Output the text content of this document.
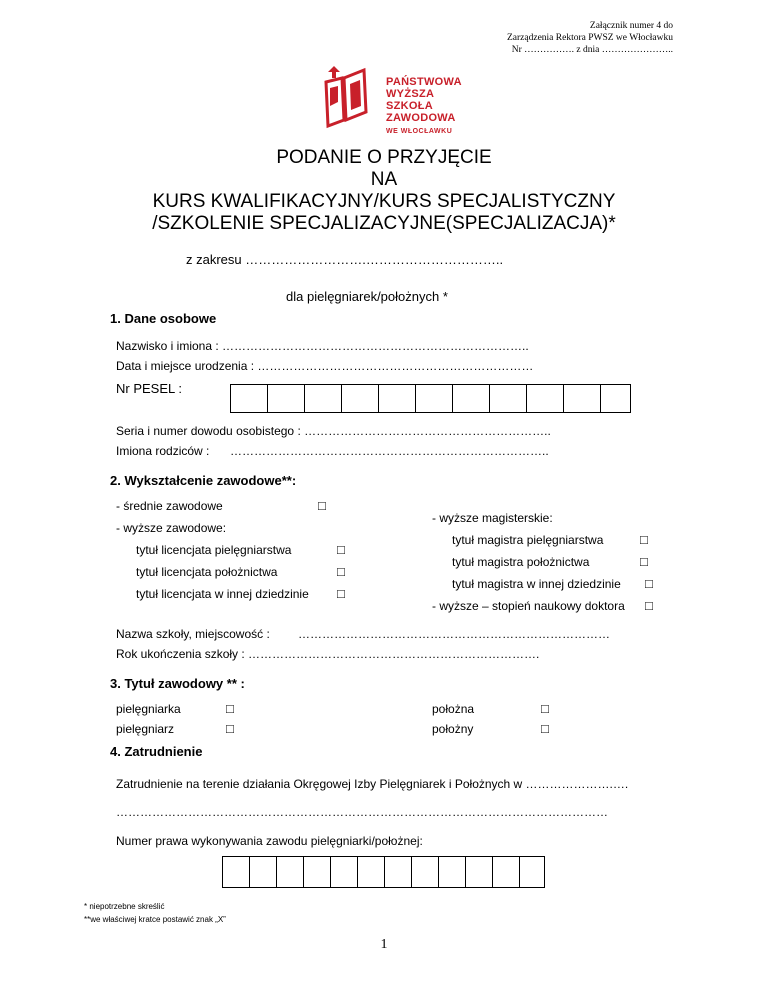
Załącznik numer 4 do
Zarządzenia Rektora PWSZ we Włocławku
Nr ……………. z dnia …………………..
PAŃSTWOWA
WYŻSZA
SZKOŁA
ZAWODOWA
WE WŁOCŁAWKU
PODANIE O PRZYJĘCIE
NA
KURS KWALIFIKACYJNY/KURS SPECJALISTYCZNY
/SZKOLENIE SPECJALIZACYJNE(SPECJALIZACJA)*
z zakresu ……………………….…………………………..
dla pielęgniarek/położnych *
1. Dane osobowe
Nazwisko i imiona : …………………………………………………………………..
Data i miejsce urodzenia : ……………………………………………………………
Nr PESEL :
Seria i numer dowodu osobistego : ……………………………………………………..
Imiona rodziców : ……………………………………………………………………..
2. Wykształcenie zawodowe**:
- średnie zawodowe	□
- wyższe zawodowe:
tytuł licencjata pielęgniarstwa	□
tytuł licencjata położnictwa	□
tytuł licencjata w innej dziedzinie □
- wyższe magisterskie:
tytuł magistra pielęgniarstwa	□
tytuł magistra położnictwa	□
tytuł magistra w innej dziedzinie □
- wyższe – stopień naukowy doktora □
Nazwa szkoły, miejscowość : ……………………………………………………………………
Rok ukończenia szkoły : ……………………………………………………………….
3. Tytuł zawodowy ** :
pielęgniarka	□
pielęgniarz	□
położna	□
położny	□
4. Zatrudnienie
Zatrudnienie na terenie działania Okręgowej Izby Pielęgniarek i Położnych w ………………….….
……………………………………………………………………………………………………………
Numer prawa wykonywania zawodu pielęgniarki/położnej:
* niepotrzebne skreślić
**we właściwej kratce postawić znak „X”
1
